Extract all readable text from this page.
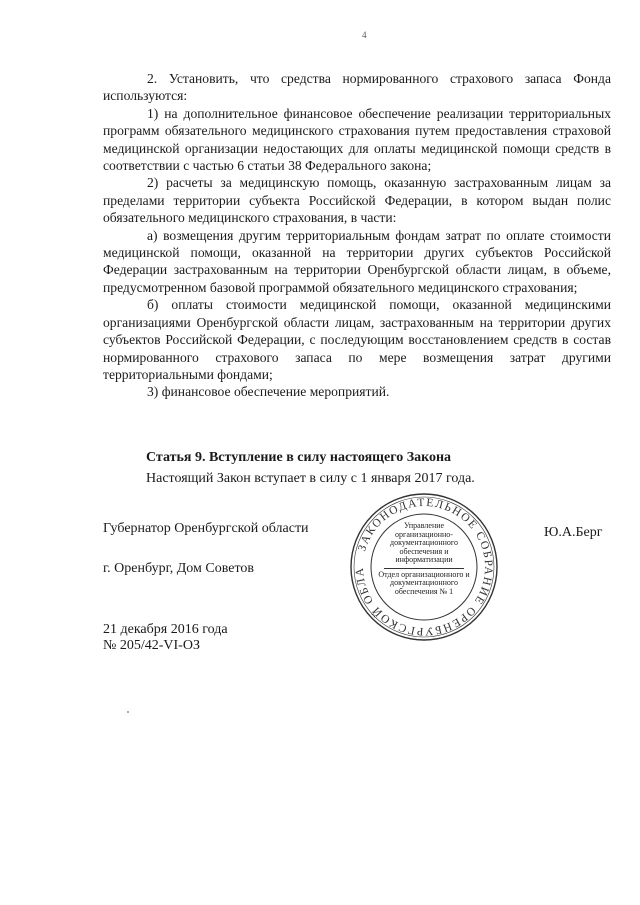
4

2. Установить, что средства нормированного страхового запаса Фонда используются:

1) на дополнительное финансовое обеспечение реализации территориальных программ обязательного медицинского страхования путем предоставления страховой медицинской организации недостающих для оплаты медицинской помощи средств в соответствии с частью 6 статьи 38 Федерального закона;

2) расчеты за медицинскую помощь, оказанную застрахованным лицам за пределами территории субъекта Российской Федерации, в котором выдан полис обязательного медицинского страхования, в части:

а) возмещения другим территориальным фондам затрат по оплате стоимости медицинской помощи, оказанной на территории других субъектов Российской Федерации застрахованным на территории Оренбургской области лицам, в объеме, предусмотренном базовой программой обязательного медицинского страхования;

б) оплаты стоимости медицинской помощи, оказанной медицинскими организациями Оренбургской области лицам, застрахованным на территории других субъектов Российской Федерации, с последующим восстановлением средств в состав нормированного страхового запаса по мере возмещения затрат другими территориальными фондами;

3) финансовое обеспечение мероприятий.

Статья 9. Вступление в силу настоящего Закона
Настоящий Закон вступает в силу с 1 января 2017 года.
Губернатор Оренбургской области	Ю.А.Берг
г. Оренбург, Дом Советов
21 декабря 2016 года
№ 205/42-VI-ОЗ
ЗАКОНОДАТЕЛЬНОЕ СОБРАНИЕ ОРЕНБУРГСКОЙ ОБЛА
Управление организационно-документационного обеспечения и информатизации
Отдел организационного и документационного обеспечения № 1
